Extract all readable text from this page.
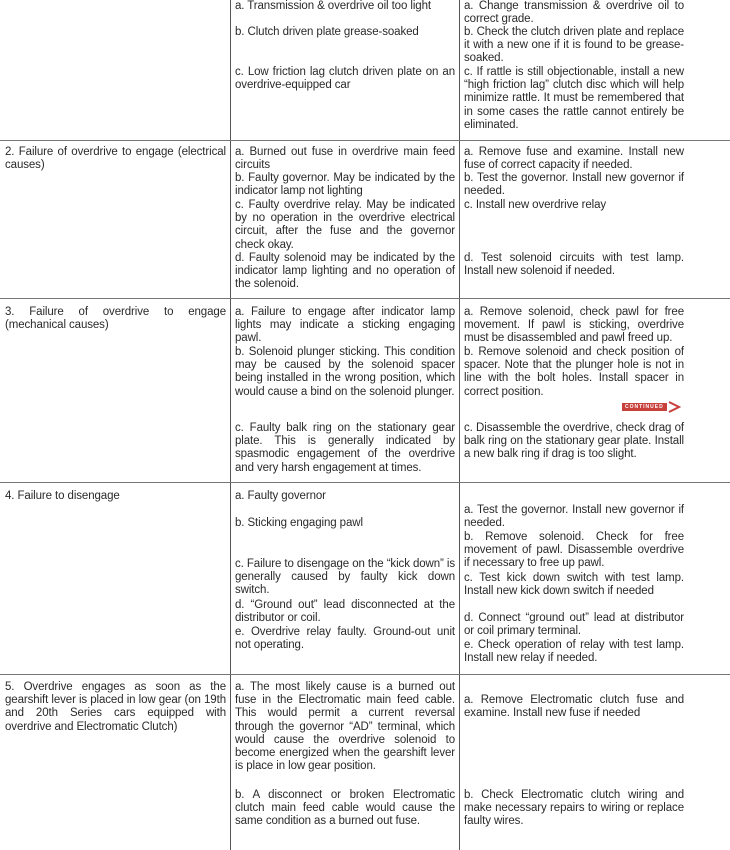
a. Transmission & overdrive oil too light

b. Clutch driven plate grease-soaked

c. Low friction lag clutch driven plate on an overdrive-equipped car

a. Change transmission & overdrive oil to correct grade.

b. Check the clutch driven plate and replace it with a new one if it is found to be grease-soaked.

c. If rattle is still objectionable, install a new “high friction lag” clutch disc which will help minimize rattle. It must be remembered that in some cases the rattle cannot entirely be eliminated.

2. Failure of overdrive to engage (electrical causes)

a. Burned out fuse in overdrive main feed circuits

b. Faulty governor. May be indicated by the indicator lamp not lighting

c. Faulty overdrive relay. May be indicated by no operation in the overdrive electrical circuit, after the fuse and the governor check okay.

d. Faulty solenoid may be indicated by the indicator lamp lighting and no operation of the solenoid.

a. Remove fuse and examine. Install new fuse of correct capacity if needed.

b. Test the governor. Install new governor if needed.

c. Install new overdrive relay

d. Test solenoid circuits with test lamp. Install new solenoid if needed.

3. Failure of overdrive to engage (mechanical causes)

a. Failure to engage after indicator lamp lights may indicate a sticking engaging pawl.

b. Solenoid plunger sticking. This condition may be caused by the solenoid spacer being installed in the wrong position, which would cause a bind on the solenoid plunger.

c. Faulty balk ring on the stationary gear plate. This is generally indicated by spasmodic engagement of the overdrive and very harsh engagement at times.

a. Remove solenoid, check pawl for free movement. If pawl is sticking, overdrive must be disassembled and pawl freed up.

b. Remove solenoid and check position of spacer. Note that the plunger hole is not in line with the bolt holes. Install spacer in correct position.

c. Disassemble the overdrive, check drag of balk ring on the stationary gear plate. Install a new balk ring if drag is too slight.

CONTINUED

4. Failure to disengage	a. Faulty governor

b. Sticking engaging pawl

c. Failure to disengage on the “kick down” is generally caused by faulty kick down switch.

d. “Ground out” lead disconnected at the distributor or coil.

e. Overdrive relay faulty. Ground-out unit not operating.

a. Test the governor. Install new governor if needed.

b. Remove solenoid. Check for free movement of pawl. Disassemble overdrive if necessary to free up pawl.

c. Test kick down switch with test lamp. Install new kick down switch if needed

d. Connect “ground out” lead at distributor or coil primary terminal.

e. Check operation of relay with test lamp. Install new relay if needed.

5. Overdrive engages as soon as the gearshift lever is placed in low gear (on 19th and 20th Series cars equipped with overdrive and Electromatic Clutch)

a. The most likely cause is a burned out fuse in the Electromatic main feed cable. This would permit a current reversal through the governor “AD” terminal, which would cause the overdrive solenoid to become energized when the gearshift lever is place in low gear position.

b. A disconnect or broken Electromatic clutch main feed cable would cause the same condition as a burned out fuse.

a. Remove Electromatic clutch fuse and examine. Install new fuse if needed

b. Check Electromatic clutch wiring and make necessary repairs to wiring or replace faulty wires.
